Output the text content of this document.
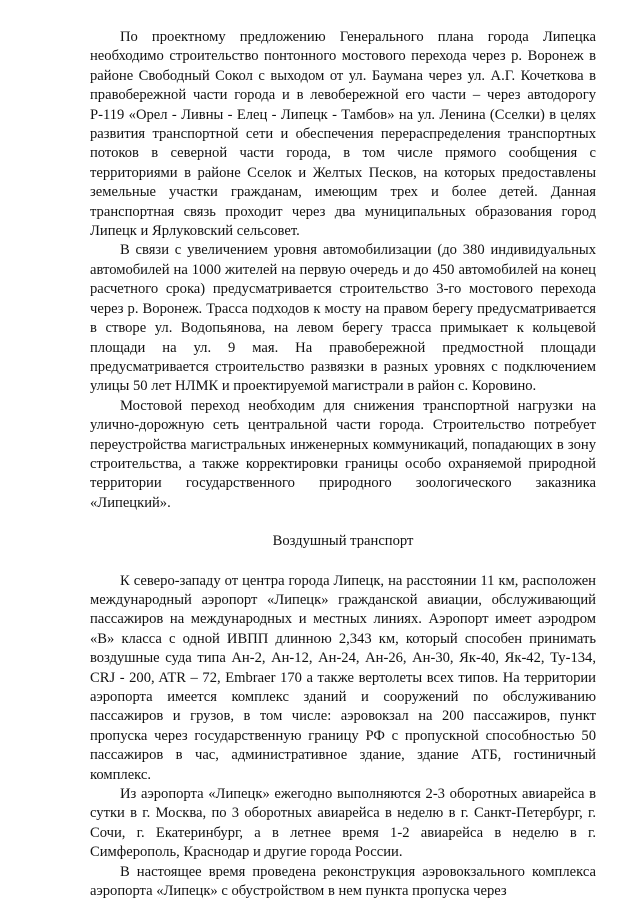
По проектному предложению Генерального плана города Липецка необходимо строительство понтонного мостового перехода через р. Воронеж в районе Свободный Сокол с выходом от ул. Баумана через ул. А.Г. Кочеткова в правобережной части города и в левобережной его части – через автодорогу Р-119 «Орел - Ливны - Елец - Липецк - Тамбов» на ул. Ленина (Сселки) в целях развития транспортной сети и обеспечения перераспределения транспортных потоков в северной части города, в том числе прямого сообщения с территориями в районе Сселок и Желтых Песков, на которых предоставлены земельные участки гражданам, имеющим трех и более детей. Данная транспортная связь проходит через два муниципальных образования город Липецк и Ярлуковский сельсовет.

В связи с увеличением уровня автомобилизации (до 380 индивидуальных автомобилей на 1000 жителей на первую очередь и до 450 автомобилей на конец расчетного срока) предусматривается строительство 3-го мостового перехода через р. Воронеж. Трасса подходов к мосту на правом берегу предусматривается в створе ул. Водопьянова, на левом берегу трасса примыкает к кольцевой площади на ул. 9 мая. На правобережной предмостной площади предусматривается строительство развязки в разных уровнях с подключением улицы 50 лет НЛМК и проектируемой магистрали в район с. Коровино.

Мостовой переход необходим для снижения транспортной нагрузки на улично-дорожную сеть центральной части города. Строительство потребует переустройства магистральных инженерных коммуникаций, попадающих в зону строительства, а также корректировки границы особо охраняемой природной территории государственного природного зоологического заказника «Липецкий».

Воздушный транспорт

К северо-западу от центра города Липецк, на расстоянии 11 км, расположен международный аэропорт «Липецк» гражданской авиации, обслуживающий пассажиров на международных и местных линиях. Аэропорт имеет аэродром «В» класса с одной ИВПП длинною 2,343 км, который способен принимать воздушные суда типа Ан-2, Ан-12, Ан-24, Ан-26, Ан-30, Як-40, Як-42, Ту-134, CRJ - 200, ATR – 72, Embraer 170 а также вертолеты всех типов. На территории аэропорта имеется комплекс зданий и сооружений по обслуживанию пассажиров и грузов, в том числе: аэровокзал на 200 пассажиров, пункт пропуска через государственную границу РФ с пропускной способностью 50 пассажиров в час, административное здание, здание АТБ, гостиничный комплекс.

Из аэропорта «Липецк» ежегодно выполняются 2-3 оборотных авиарейса в сутки в г. Москва, по 3 оборотных авиарейса в неделю в г. Санкт-Петербург, г. Сочи, г. Екатеринбург, а в летнее время 1-2 авиарейса в неделю в г. Симферополь, Краснодар и другие города России.

В настоящее время проведена реконструкция аэровокзального комплекса аэропорта «Липецк» с обустройством в нем пункта пропуска через
